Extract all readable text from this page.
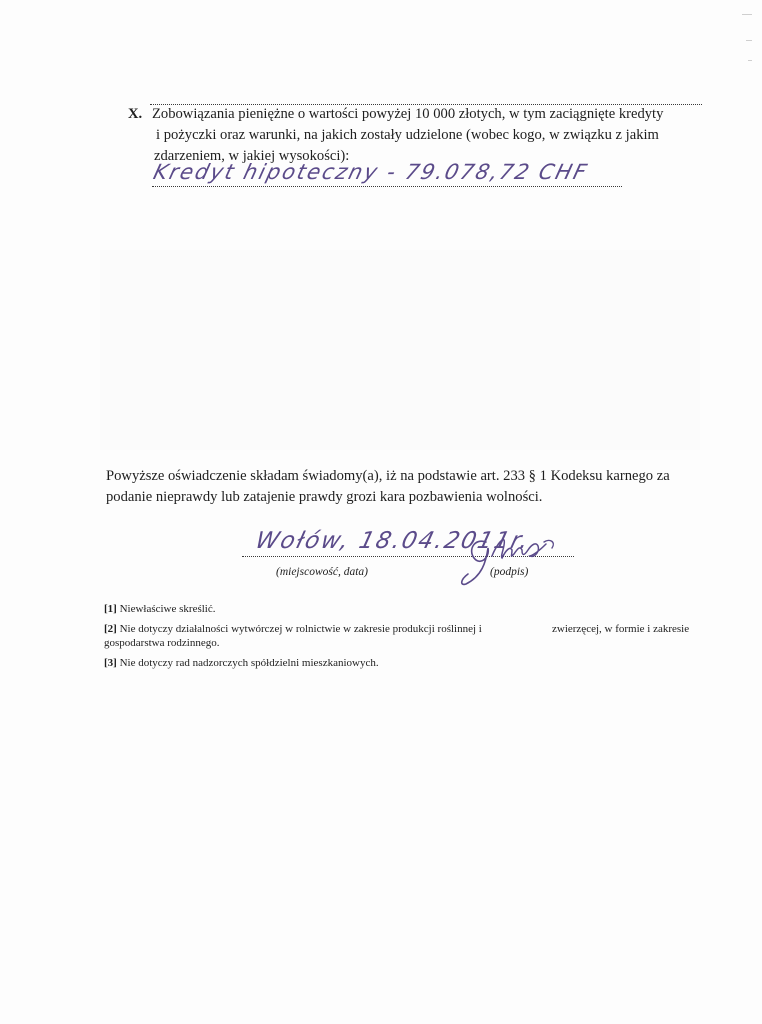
X. Zobowiązania pieniężne o wartości powyżej 10 000 złotych, w tym zaciągnięte kredyty
i pożyczki oraz warunki, na jakich zostały udzielone (wobec kogo, w związku z jakim
zdarzeniem, w jakiej wysokości):
Kredyt hipoteczny - 79.078,72 CHF
Powyższe oświadczenie składam świadomy(a), iż na podstawie art. 233 § 1 Kodeksu karnego za
podanie nieprawdy lub zatajenie prawdy grozi kara pozbawienia wolności.
Wołów, 18.04.2011r.
(miejscowość, data)	(podpis)
[1] Niewłaściwe skreślić.
[2] Nie dotyczy działalności wytwórczej w rolnictwie w zakresie produkcji roślinnej i	zwierzęcej, w formie i zakresie
gospodarstwa rodzinnego.
[3] Nie dotyczy rad nadzorczych spółdzielni mieszkaniowych.
